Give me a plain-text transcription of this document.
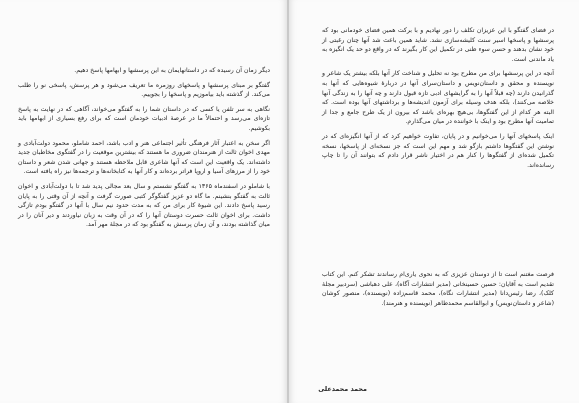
دیگر زمان آن رسیده که در داستانهایمان به این پرسشها و ابهامها پاسخ دهیم.

گفتگو بر مبنای پرسشها و پاسخهای روزمره ما تعریف می‌شود و هر پرسش، پاسخی نو را طلب می‌کند. از گذشته باید بیاموزیم و پاسخها را بجوییم.

نگاهی به سر تلفن یا کسی که در داستان شما را به گفتگو می‌خواند، آگاهی که در نهایت به پاسخ تازه‌ای می‌رسد و احتمالاً ما در عرصهٔ ادبیات خودمان است که برای رفع بسیاری از ابهامها باید بکوشیم.

اگر سخن به اعتبار آثار فرهنگی تأثیر اجتماعی هنر و ادب باشد، احمد شاملو، محمود دولت‌آبادی و مهدی اخوان ثالث از هنرمندان ضروری ما هستند که بیشترین موقعیت را در گفتگوی مخاطبان جدید داشته‌اند. یک واقعیت این است که آنها شاعری قابل ملاحظه هستند و جهانی شدن شعر و داستان خود را از مرزهای آسیا و اروپا فراتر برده‌اند و کار آنها به کتابخانه‌ها و ترجمه‌ها نیز راه یافته است.

با شاملو در اسفندماه ۱۳۶۵ به گفتگو نشستم و سال بعد مجالی پدید شد تا با دولت‌آبادی و اخوان ثالث به گفتگو بنشینم. ما گاه دو عزیز گفتگوگر کتبی صورت گرفت و آنچه از آن وقتی را به پایان رسید پاسخ دادند. این شیوهٔ کار برای من که به مدت حدود نیم سال با آنها در گفتگو بودم تازگی داشت. برای اخوان ثالث حسرت دوستان آنها را که در آن وقت به زبان نیاوردند و دیر آنان را در میان گذاشته بودند، و آن زمان پرسش به گفتگو بود که در مجلهٔ مهر آمد.

در فضای گفتگو با این عزیزان تکلف را دور نهادیم و با برکت همین فضای خودمانی بود که پرسشها و پاسخها اسیر سنت کلیشه‌سازی نشد. شاید همین باعث شد آنها چنان رغبتی از خود نشان بدهند و حسن سوء ظنی در تکمیل این کار بگیرند که در واقع دو حد یک انگیزه به یاد ماندنی است.

آنچه در این پرسشها برای من مطرح بود نه تحلیل و شناخت کار آنها بلکه بیشتر یک شاعر و نویسنده و محقق و داستان‌نویس و داستان‌سرای آنها در دربارهٔ شیوه‌هایی که آنها به گذرانیدن دارند (چه قبلاً آنها را به گرایشهای ادبی تازه قبول دارند و چه آنها را به زندگی آنها خلاصه می‌کنند)، بلکه هدف وسیله برای آزمون اندیشه‌ها و برداشتهای آنها بوده است. که البته هر کدام از این گفتگوها، بی‌هیچ بهره‌ای باشد که بیرون از یک طرح جامع و جدا از تمامیت آنها مطرح بود و اینک با خواننده در میان می‌گذارم.

اینک پاسخهای آنها را می‌خوانیم و در پایان، تفاوت خواهیم کرد که از آنها انگیزه‌ای که در نوشتن این گفتگوها داشتم بازگو شد و مهم این است که جز نسخه‌ای از پاسخها، نسخه تکمیل شده‌ای از گفتگوها را کنار هم در اختیار ناشر قرار دادم که بتوانند آن را تا چاپ رسانده‌اند.

فرصت مغتنم است تا از دوستان عزیزی که به نحوی یاری‌ام رساندند تشکر کنم. این کتاب تقدیم است به آقایان: حسین حسینخانی (مدیر انتشارات آگاه)، علی دهباشی (سردبیر مجلهٔ کلک)، رضا رئیس‌دانا (مدیر انتشارات نگاه)، محمد قاسم‌زاده (نویسنده)، منصور کوشان (شاعر و داستان‌نویس) و ابوالقاسم محمدطاهر (نویسنده و هنرمند).

محمد محمدعلی
